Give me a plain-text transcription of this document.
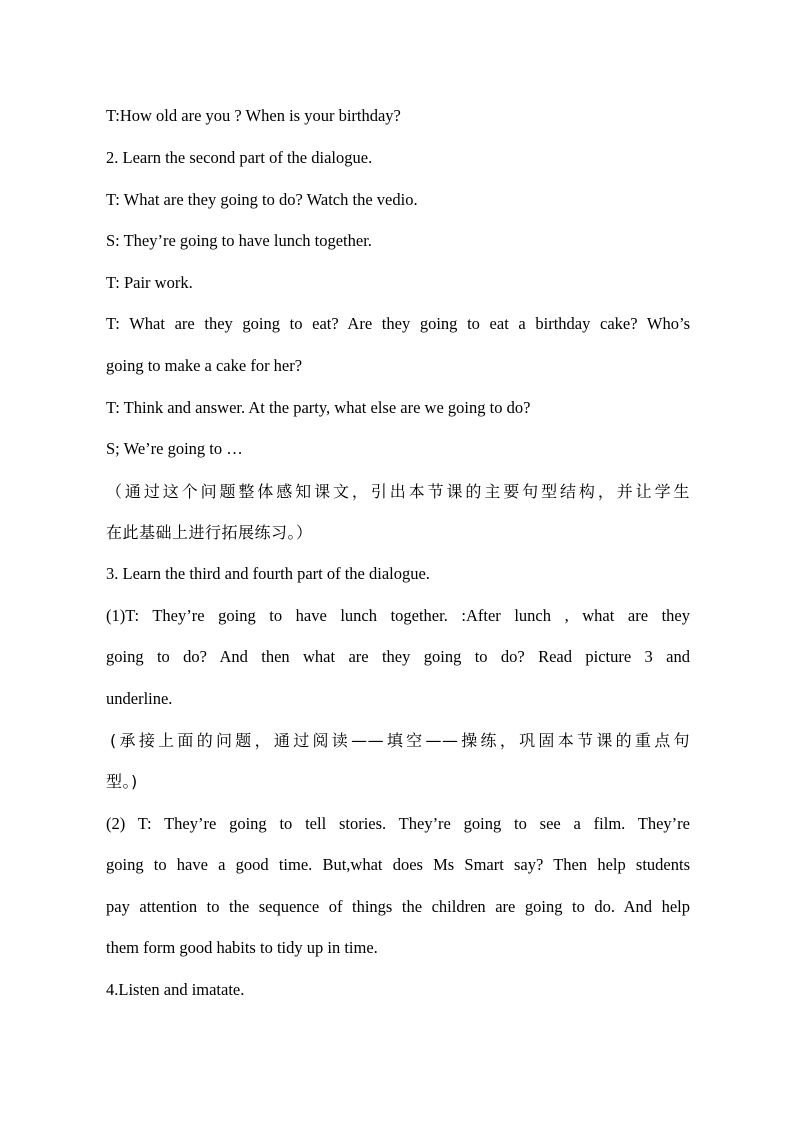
T:How old are you ? When is your birthday?
2. Learn the second part of the dialogue.
T: What are they going to do? Watch the vedio.
S: They’re going to have lunch together.
T: Pair work.
T: What are they going to eat? Are they going to eat a birthday cake? Who’s
going to make a cake for her?
T: Think and answer. At the party, what else are we going to do?
S; We’re going to …
（通过这个问题整体感知课文，引出本节课的主要句型结构，并让学生
在此基础上进行拓展练习。）
3. Learn the third and fourth part of the dialogue.
(1)T: They’re going to have lunch together. :After lunch , what are they
going to do? And then what are they going to do? Read picture 3 and
underline.
(承接上面的问题，通过阅读——填空——操练，巩固本节课的重点句
型。)
(2) T: They’re going to tell stories. They’re going to see a film. They’re
going to have a good time. But,what does Ms Smart say? Then help students
pay attention to the sequence of things the children are going to do. And help
them form good habits to tidy up in time.
4.Listen and imatate.
